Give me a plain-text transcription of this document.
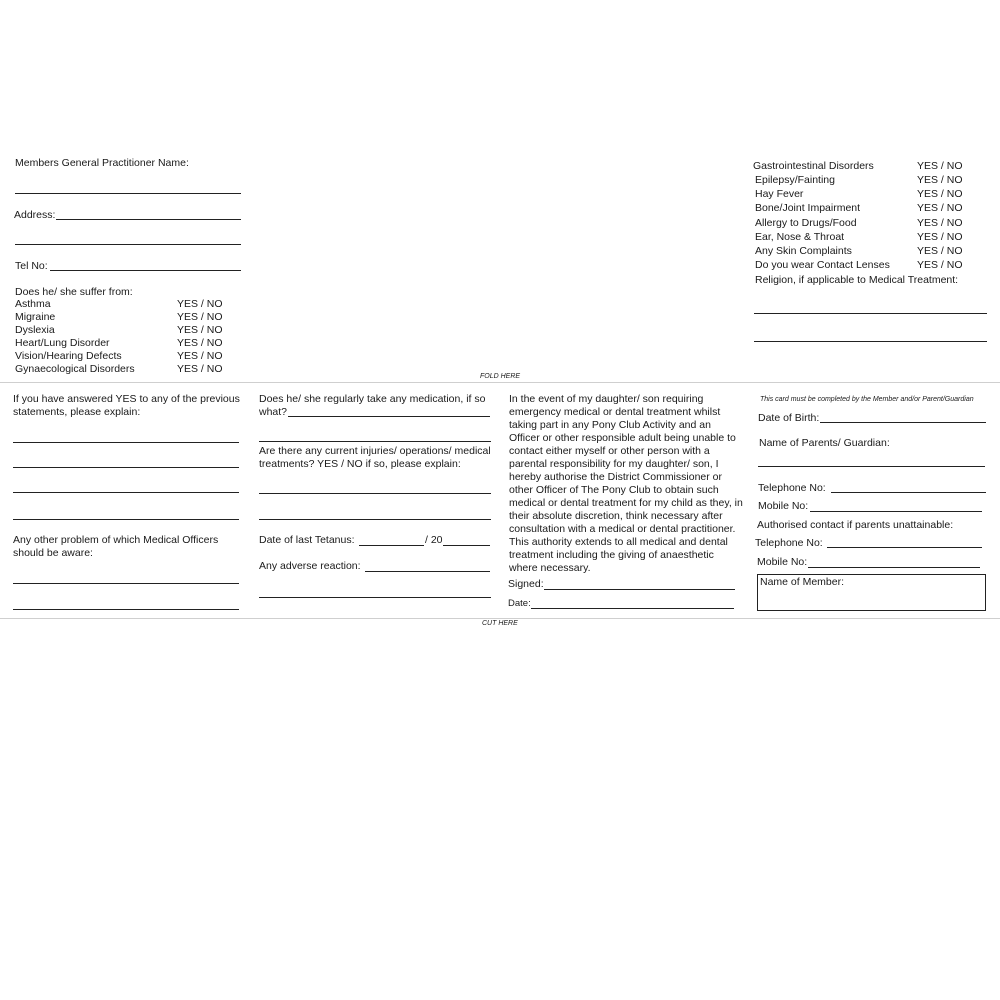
Members General Practitioner Name:
Address:
Tel No:
Does he/ she suffer from:
Asthma	YES / NO
Migraine	YES / NO
Dyslexia	YES / NO
Heart/Lung Disorder	YES / NO
Vision/Hearing Defects	YES / NO
Gynaecological Disorders	YES / NO
Gastrointestinal Disorders	YES / NO
Epilepsy/Fainting	YES / NO
Hay Fever	YES / NO
Bone/Joint Impairment	YES / NO
Allergy to Drugs/Food	YES / NO
Ear, Nose & Throat	YES / NO
Any Skin Complaints	YES / NO
Do you wear Contact Lenses	YES / NO
Religion, if applicable to Medical Treatment:
FOLD HERE
If you have answered YES to any of the previous statements, please explain:
Any other problem of which Medical Officers should be aware:
Does he/ she regularly take any medication, if so what?
Are there any current injuries/ operations/ medical treatments? YES / NO if so, please explain:
Date of last Tetanus:	/ 20
Any adverse reaction:
In the event of my daughter/ son requiring emergency medical or dental treatment whilst taking part in any Pony Club Activity and an Officer or other responsible adult being unable to contact either myself or other person with a parental responsibility for my daughter/ son, I hereby authorise the District Commissioner or other Officer of The Pony Club to obtain such medical or dental treatment for my child as they, in their absolute discretion, think necessary after consultation with a medical or dental practitioner. This authority extends to all medical and dental treatment including the giving of anaesthetic where necessary.
Signed:
Date:
This card must be completed by the Member and/or Parent/Guardian
Date of Birth:
Name of Parents/ Guardian:
Telephone No:
Mobile No:
Authorised contact if parents unattainable:
Telephone No:
Mobile No:
Name of Member:
CUT HERE
